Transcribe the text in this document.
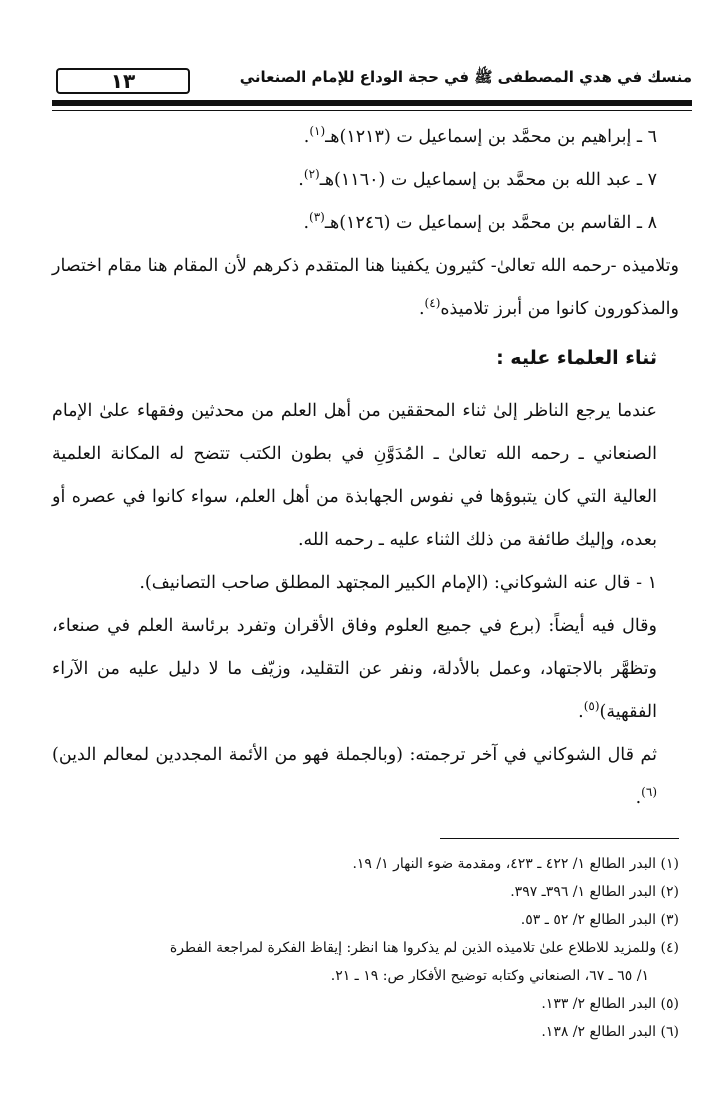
١٣	منسك في هدي المصطفى ﷺ في حجة الوداع للإمام الصنعاني

٦ ـ إبراهيم بن محمَّد بن إسماعيل ت (١٢١٣)هـ$^{(١)}$.

٧ ـ عبد الله بن محمَّد بن إسماعيل ت (١١٦٠)هـ$^{(٢)}$.

٨ ـ القاسم بن محمَّد بن إسماعيل ت (١٢٤٦)هـ$^{(٣)}$.

وتلاميذه -رحمه الله تعالىٰ- كثيرون يكفينا هنا المتقدم ذكرهم لأن المقام هنا مقام اختصار والمذكورون كانوا من أبرز تلاميذه$^{(٤)}$.

ثناء العلماء عليه :

عندما يرجع الناظر إلىٰ ثناء المحققين من أهل العلم من محدثين وفقهاء علىٰ الإمام الصنعاني ـ رحمه الله تعالىٰ ـ المُدَوَّنِ في بطون الكتب تتضح له المكانة العلمية العالية التي كان يتبوؤها في نفوس الجهابذة من أهل العلم، سواء كانوا في عصره أو بعده، وإليك طائفة من ذلك الثناء عليه ـ رحمه الله.

١ - قال عنه الشوكاني: (الإمام الكبير المجتهد المطلق صاحب التصانيف).

وقال فيه أيضاً: (برع في جميع العلوم وفاق الأقران وتفرد برئاسة العلم في صنعاء، وتظهَّر بالاجتهاد، وعمل بالأدلة، ونفر عن التقليد، وزيّف ما لا دليل عليه من الآراء الفقهية)$^{(٥)}$.

ثم قال الشوكاني في آخر ترجمته: (وبالجملة فهو من الأئمة المجددين لمعالم الدين)$^{(٦)}$.

(١) البدر الطالع ١/ ٤٢٢ ـ ٤٢٣، ومقدمة ضوء النهار ١/ ١٩.

(٢) البدر الطالع ١/ ٣٩٦ـ ٣٩٧.

(٣) البدر الطالع ٢/ ٥٢ ـ ٥٣.

(٤) وللمزيد للاطلاع علىٰ تلاميذه الذين لم يذكروا هنا انظر: إيقاظ الفكرة لمراجعة الفطرة

١/ ٦٥ ـ ٦٧، الصنعاني وكتابه توضيح الأفكار ص: ١٩ ـ ٢١.

(٥) البدر الطالع ٢/ ١٣٣.

(٦) البدر الطالع ٢/ ١٣٨.
